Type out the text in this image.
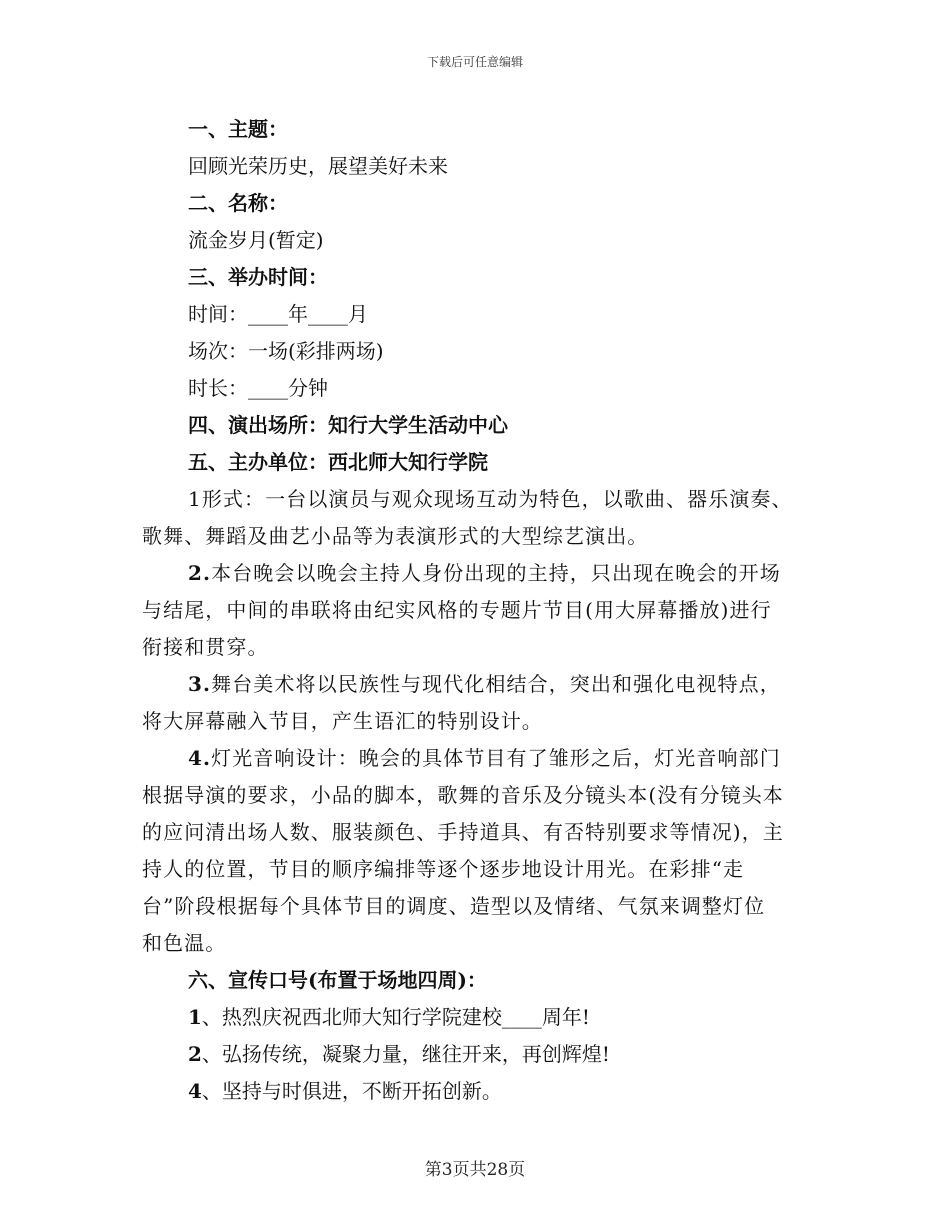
下载后可任意编辑
一、主题：
回顾光荣历史，展望美好未来
二、名称：
流金岁月(暂定)
三、举办时间：
时间：____年____月
场次：一场(彩排两场)
时长：____分钟
四、演出场所：知行大学生活动中心
五、主办单位：西北师大知行学院
1形式：一台以演员与观众现场互动为特色，以歌曲、器乐演奏、
歌舞、舞蹈及曲艺小品等为表演形式的大型综艺演出。
2.本台晚会以晚会主持人身份出现的主持，只出现在晚会的开场
与结尾，中间的串联将由纪实风格的专题片节目(用大屏幕播放)进行
衔接和贯穿。
3.舞台美术将以民族性与现代化相结合，突出和强化电视特点，
将大屏幕融入节目，产生语汇的特别设计。
4.灯光音响设计：晚会的具体节目有了雏形之后，灯光音响部门
根据导演的要求，小品的脚本，歌舞的音乐及分镜头本(没有分镜头本
的应问清出场人数、服装颜色、手持道具、有否特别要求等情况)，主
持人的位置，节目的顺序编排等逐个逐步地设计用光。在彩排“走
台”阶段根据每个具体节目的调度、造型以及情绪、气氛来调整灯位
和色温。
六、宣传口号(布置于场地四周)：
1、热烈庆祝西北师大知行学院建校____周年!
2、弘扬传统，凝聚力量，继往开来，再创辉煌!
4、坚持与时俱进，不断开拓创新。
第3页共28页
